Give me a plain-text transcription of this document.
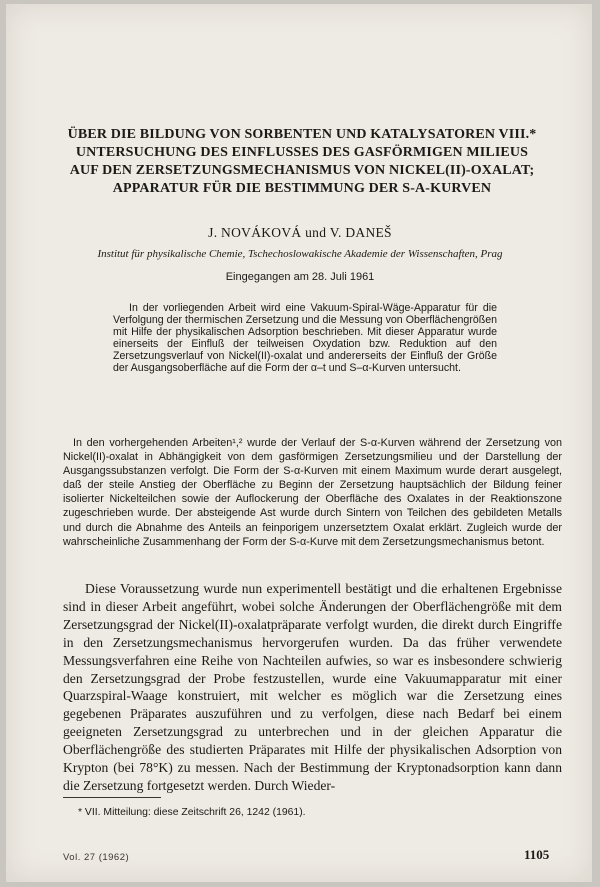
ÜBER DIE BILDUNG VON SORBENTEN UND KATALYSATOREN VIII.*
UNTERSUCHUNG DES EINFLUSSES DES GASFÖRMIGEN MILIEUS
AUF DEN ZERSETZUNGSMECHANISMUS VON NICKEL(II)-OXALAT;
APPARATUR FÜR DIE BESTIMMUNG DER S-Α-KURVEN
J. NOVÁKOVÁ und V. DANEŠ
Institut für physikalische Chemie, Tschechoslowakische Akademie der Wissenschaften, Prag
Eingegangen am 28. Juli 1961

In der vorliegenden Arbeit wird eine Vakuum-Spiral-Wäge-Apparatur für die Verfolgung der thermischen Zersetzung und die Messung von Oberflächengrößen mit Hilfe der physikalischen Adsorption beschrieben. Mit dieser Apparatur wurde einerseits der Einfluß der teilweisen Oxydation bzw. Reduktion auf den Zersetzungsverlauf von Nickel(II)-oxalat und andererseits der Einfluß der Größe der Ausgangsoberfläche auf die Form der α–t und S–α-Kurven untersucht.

In den vorhergehenden Arbeiten¹,² wurde der Verlauf der S-α-Kurven während der Zersetzung von Nickel(II)-oxalat in Abhängigkeit von dem gasförmigen Zersetzungsmilieu und der Darstellung der Ausgangssubstanzen verfolgt. Die Form der S-α-Kurven mit einem Maximum wurde derart ausgelegt, daß der steile Anstieg der Oberfläche zu Beginn der Zersetzung hauptsächlich der Bildung feiner isolierter Nickelteilchen sowie der Auflockerung der Oberfläche des Oxalates in der Reaktionszone zugeschrieben wurde. Der absteigende Ast wurde durch Sintern von Teilchen des gebildeten Metalls und durch die Abnahme des Anteils an feinporigem unzersetztem Oxalat erklärt. Zugleich wurde der wahrscheinliche Zusammenhang der Form der S-α-Kurve mit dem Zersetzungsmechanismus betont.

Diese Voraussetzung wurde nun experimentell bestätigt und die erhaltenen Ergebnisse sind in dieser Arbeit angeführt, wobei solche Änderungen der Oberflächengröße mit dem Zersetzungsgrad der Nickel(II)-oxalatpräparate verfolgt wurden, die direkt durch Eingriffe in den Zersetzungsmechanismus hervorgerufen wurden. Da das früher verwendete Messungsverfahren eine Reihe von Nachteilen aufwies, so war es insbesondere schwierig den Zersetzungsgrad der Probe festzustellen, wurde eine Vakuumapparatur mit einer Quarzspiral-Waage konstruiert, mit welcher es möglich war die Zersetzung eines gegebenen Präparates auszuführen und zu verfolgen, diese nach Bedarf bei einem geeigneten Zersetzungsgrad zu unterbrechen und in der gleichen Apparatur die Oberflächengröße des studierten Präparates mit Hilfe der physikalischen Adsorption von Krypton (bei 78°K) zu messen. Nach der Bestimmung der Kryptonadsorption kann dann die Zersetzung fortgesetzt werden. Durch Wieder-

* VII. Mitteilung: diese Zeitschrift 26, 1242 (1961).
Vol. 27 (1962)	1105
